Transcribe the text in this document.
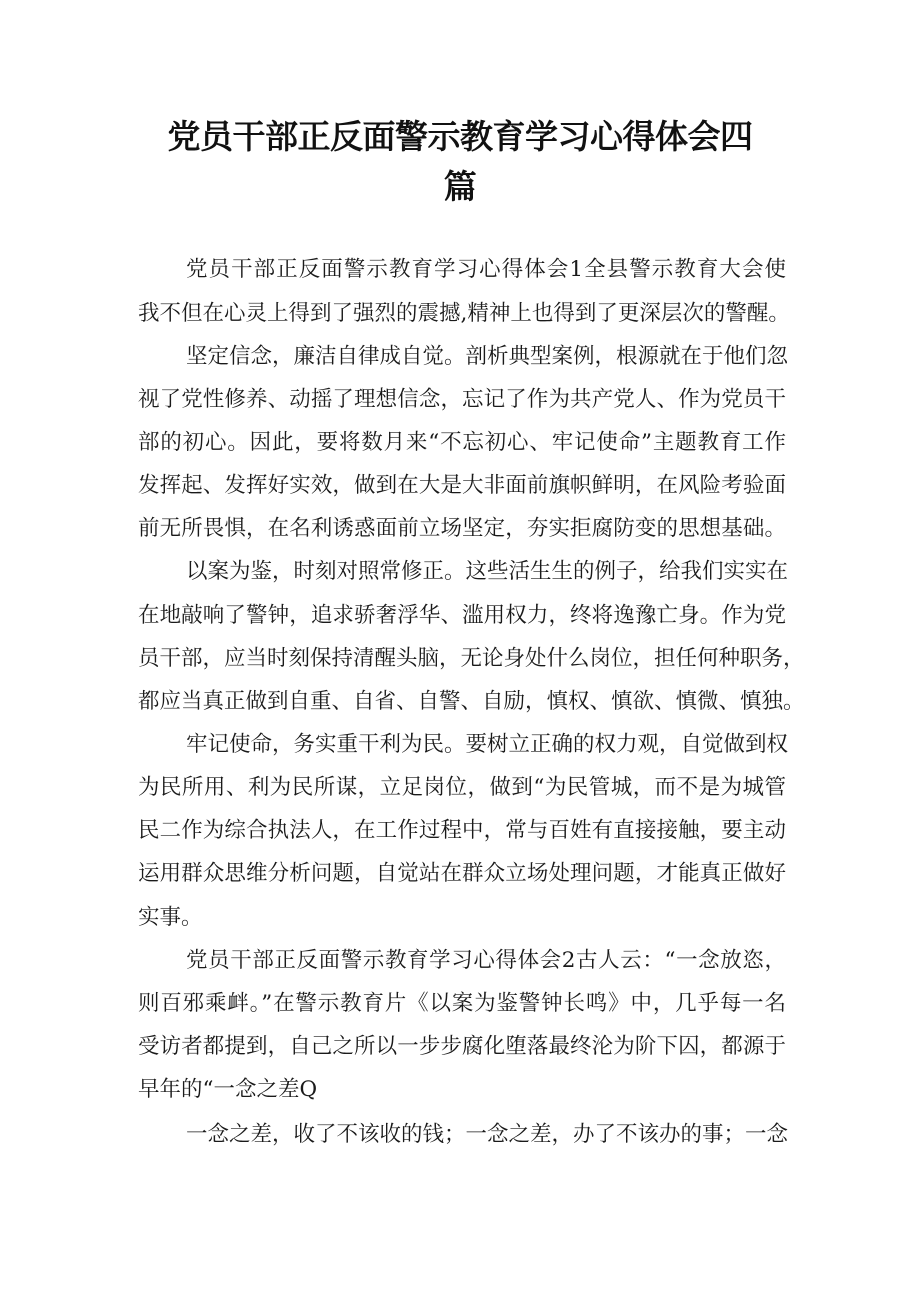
党员干部正反面警示教育学习心得体会四
篇

党员干部正反面警示教育学习心得体会1全县警示教育大会使

我不但在心灵上得到了强烈的震撼,精神上也得到了更深层次的警醒。

坚定信念，廉洁自律成自觉。剖析典型案例，根源就在于他们忽

视了党性修养、动摇了理想信念，忘记了作为共产党人、作为党员干

部的初心。因此，要将数月来“不忘初心、牢记使命”主题教育工作

发挥起、发挥好实效，做到在大是大非面前旗帜鲜明，在风险考验面

前无所畏惧，在名利诱惑面前立场坚定，夯实拒腐防变的思想基础。

以案为鉴，时刻对照常修正。这些活生生的例子，给我们实实在

在地敲响了警钟，追求骄奢浮华、滥用权力，终将逸豫亡身。作为党

员干部，应当时刻保持清醒头脑，无论身处什么岗位，担任何种职务，

都应当真正做到自重、自省、自警、自励，慎权、慎欲、慎微、慎独。

牢记使命，务实重干利为民。要树立正确的权力观，自觉做到权

为民所用、利为民所谋，立足岗位，做到“为民管城，而不是为城管

民二作为综合执法人，在工作过程中，常与百姓有直接接触，要主动

运用群众思维分析问题，自觉站在群众立场处理问题，才能真正做好

实事。

党员干部正反面警示教育学习心得体会2古人云：“一念放恣，

则百邪乘衅。”在警示教育片《以案为鉴警钟长鸣》中，几乎每一名

受访者都提到，自己之所以一步步腐化堕落最终沦为阶下囚，都源于

早年的“一念之差Q

一念之差，收了不该收的钱；一念之差，办了不该办的事；一念
